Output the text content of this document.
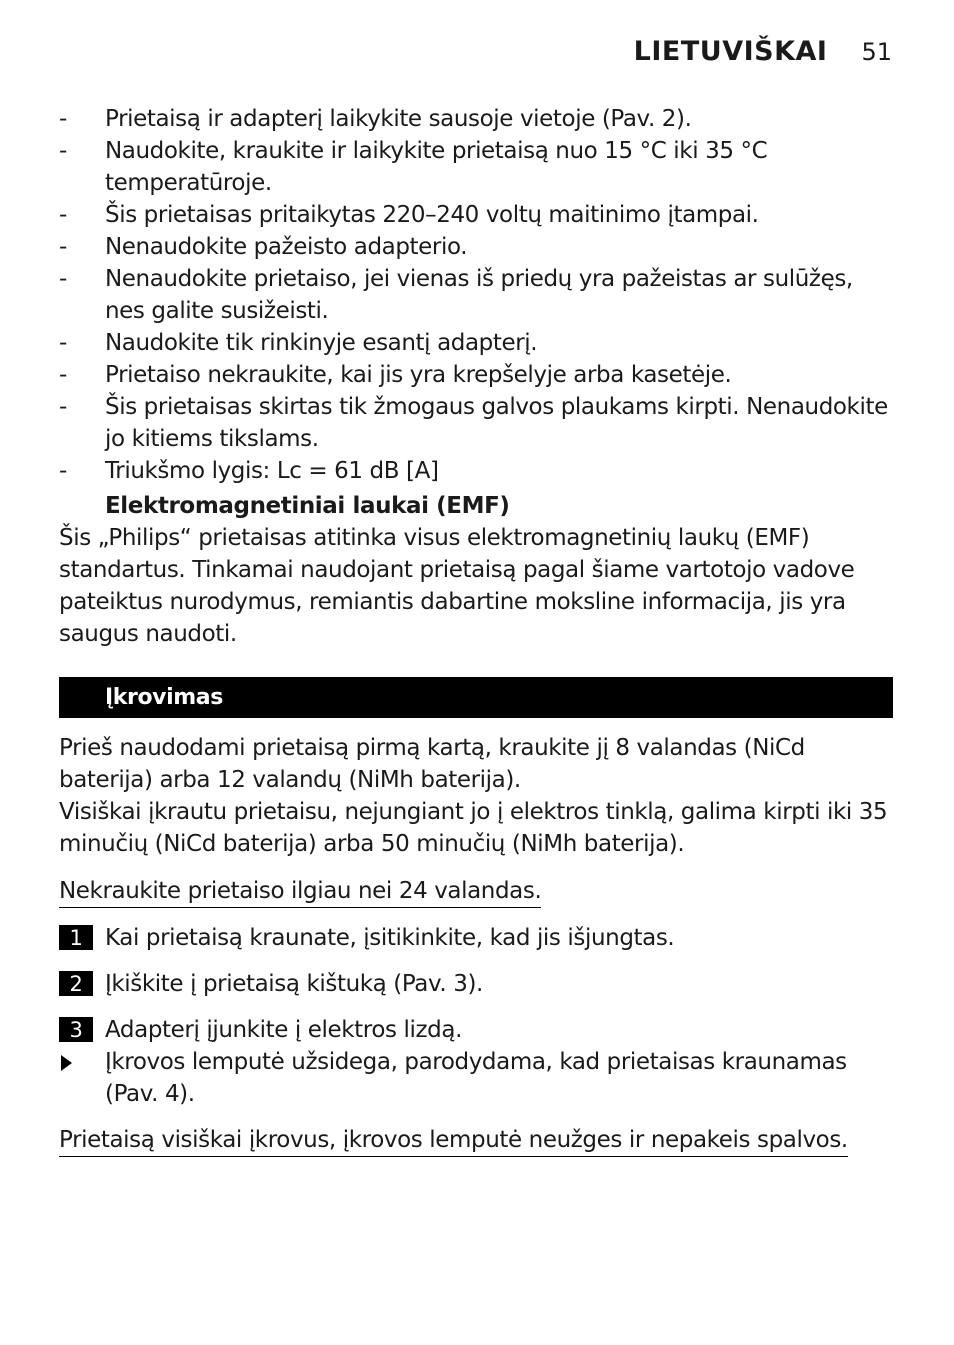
LIETUVIŠKAI 51
- Prietaisą ir adapterį laikykite sausoje vietoje (Pav. 2).
- Naudokite, kraukite ir laikykite prietaisą nuo 15 °C iki 35 °C temperatūroje.
- Šis prietaisas pritaikytas 220–240 voltų maitinimo įtampai.
- Nenaudokite pažeisto adapterio.
- Nenaudokite prietaiso, jei vienas iš priedų yra pažeistas ar sulūžęs, nes galite susižeisti.
- Naudokite tik rinkinyje esantį adapterį.
- Prietaiso nekraukite, kai jis yra krepšelyje arba kasetėje.
- Šis prietaisas skirtas tik žmogaus galvos plaukams kirpti. Nenaudokite jo kitiems tikslams.
- Triukšmo lygis: Lc = 61 dB [A]
Elektromagnetiniai laukai (EMF)

Šis „Philips“ prietaisas atitinka visus elektromagnetinių laukų (EMF) standartus. Tinkamai naudojant prietaisą pagal šiame vartotojo vadove pateiktus nurodymus, remiantis dabartine moksline informacija, jis yra saugus naudoti.

Įkrovimas

Prieš naudodami prietaisą pirmą kartą, kraukite jį 8 valandas (NiCd baterija) arba 12 valandų (NiMh baterija).

Visiškai įkrautu prietaisu, nejungiant jo į elektros tinklą, galima kirpti iki 35 minučių (NiCd baterija) arba 50 minučių (NiMh baterija).

Nekraukite prietaiso ilgiau nei 24 valandas.
1 Kai prietaisą kraunate, įsitikinkite, kad jis išjungtas.
2 Įkiškite į prietaisą kištuką (Pav. 3).
3 Adapterį įjunkite į elektros lizdą.
Įkrovos lemputė užsidega, parodydama, kad prietaisas kraunamas (Pav. 4).
Prietaisą visiškai įkrovus, įkrovos lemputė neužges ir nepakeis spalvos.
